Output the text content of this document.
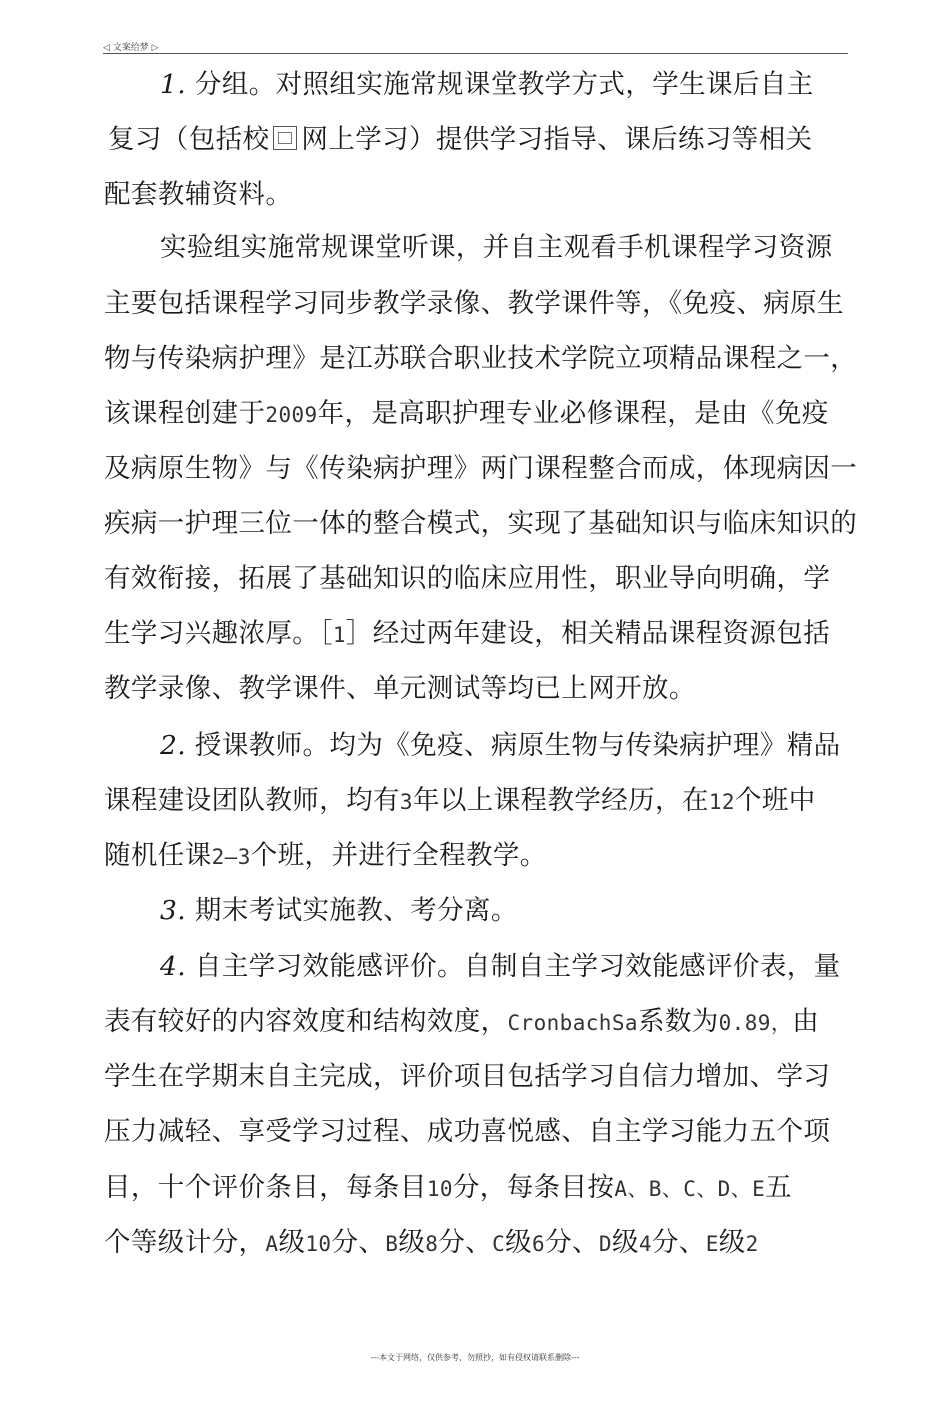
◁ 文案给梦 ▷
1. 分组。对照组实施常规课堂教学方式，学生课后自主
复习（包括校 网上学习）提供学习指导、课后练习等相关
配套教辅资料。
实验组实施常规课堂听课，并自主观看手机课程学习资源
主要包括课程学习同步教学录像、教学课件等，《免疫、病原生
物与传染病护理》是江苏联合职业技术学院立项精品课程之一，
该课程创建于2009年，是高职护理专业必修课程，是由《免疫
及病原生物》与《传染病护理》两门课程整合而成，体现病因一
疾病一护理三位一体的整合模式，实现了基础知识与临床知识的
有效衔接，拓展了基础知识的临床应用性，职业导向明确，学
生学习兴趣浓厚。［1］经过两年建设，相关精品课程资源包括
教学录像、教学课件、单元测试等均已上网开放。
2. 授课教师。均为《免疫、病原生物与传染病护理》精品
课程建设团队教师，均有3年以上课程教学经历，在12个班中
随机任课2—3个班，并进行全程教学。
3. 期末考试实施教、考分离。
4. 自主学习效能感评价。自制自主学习效能感评价表，量
表有较好的内容效度和结构效度，CronbachSa系数为0.89，由
学生在学期末自主完成，评价项目包括学习自信力增加、学习
压力减轻、享受学习过程、成功喜悦感、自主学习能力五个项
目，十个评价条目，每条目10分，每条目按A、B、C、D、E五
个等级计分，A级10分、B级8分、C级6分、D级4分、E级2
---本文于网络，仅供参考，勿照抄，如有侵权请联系删除---
